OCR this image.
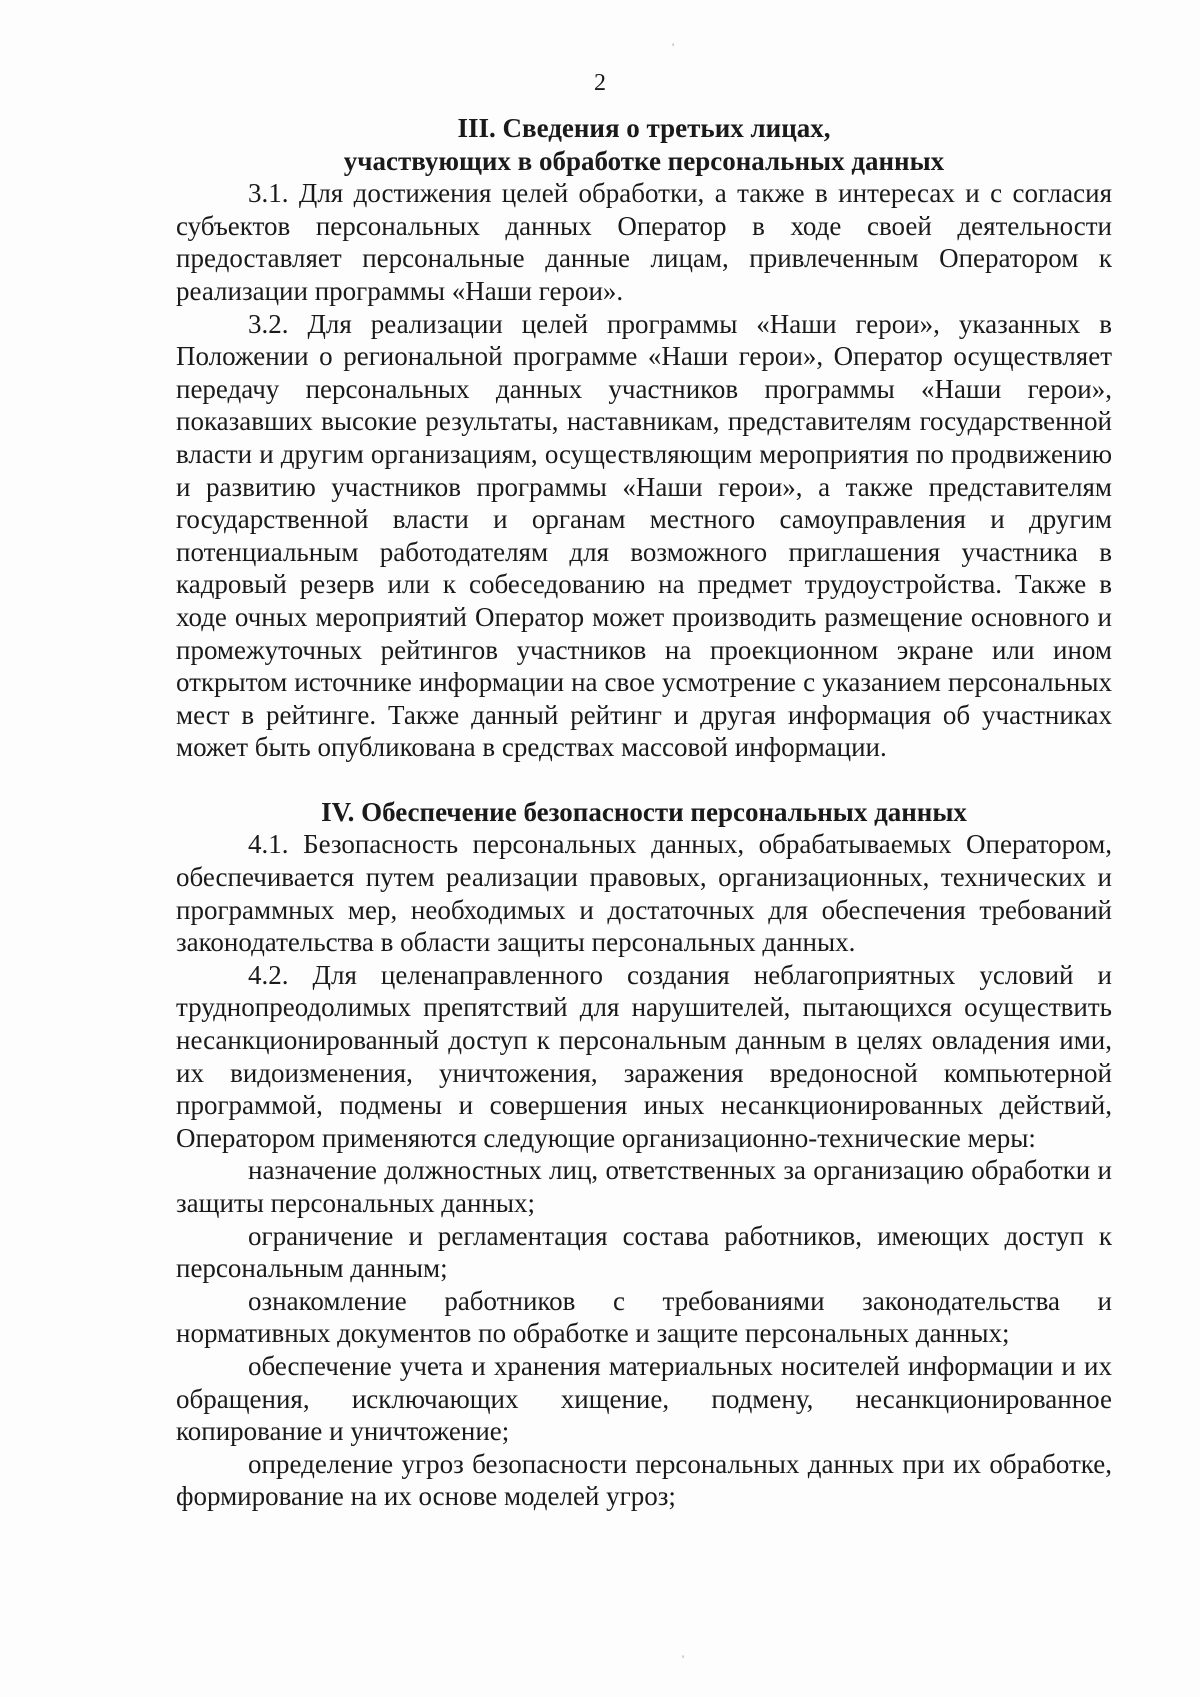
'
2

III. Сведения о третьих лицах,

участвующих в обработке персональных данных

3.1. Для достижения целей обработки, а также в интересах и с согласия субъектов персональных данных Оператор в ходе своей деятельности предоставляет персональные данные лицам, привлеченным Оператором к реализации программы «Наши герои».

3.2. Для реализации целей программы «Наши герои», указанных в Положении о региональной программе «Наши герои», Оператор осуществляет передачу персональных данных участников программы «Наши герои», показавших высокие результаты, наставникам, представителям государственной власти и другим организациям, осуществляющим мероприятия по продвижению и развитию участников программы «Наши герои», а также представителям государственной власти и органам местного самоуправления и другим потенциальным работодателям для возможного приглашения участника в кадровый резерв или к собеседованию на предмет трудоустройства. Также в ходе очных мероприятий Оператор может производить размещение основного и промежуточных рейтингов участников на проекционном экране или ином открытом источнике информации на свое усмотрение с указанием персональных мест в рейтинге. Также данный рейтинг и другая информация об участниках может быть опубликована в средствах массовой информации.

IV. Обеспечение безопасности персональных данных

4.1. Безопасность персональных данных, обрабатываемых Оператором, обеспечивается путем реализации правовых, организационных, технических и программных мер, необходимых и достаточных для обеспечения требований законодательства в области защиты персональных данных.

4.2. Для целенаправленного создания неблагоприятных условий и труднопреодолимых препятствий для нарушителей, пытающихся осуществить несанкционированный доступ к персональным данным в целях овладения ими, их видоизменения, уничтожения, заражения вредоносной компьютерной программой, подмены и совершения иных несанкционированных действий, Оператором применяются следующие организационно-технические меры:

назначение должностных лиц, ответственных за организацию обработки и защиты персональных данных;

ограничение и регламентация состава работников, имеющих доступ к персональным данным;

ознакомление работников с требованиями законодательства и нормативных документов по обработке и защите персональных данных;

обеспечение учета и хранения материальных носителей информации и их обращения, исключающих хищение, подмену, несанкционированное копирование и уничтожение;

определение угроз безопасности персональных данных при их обработке, формирование на их основе моделей угроз;

'
